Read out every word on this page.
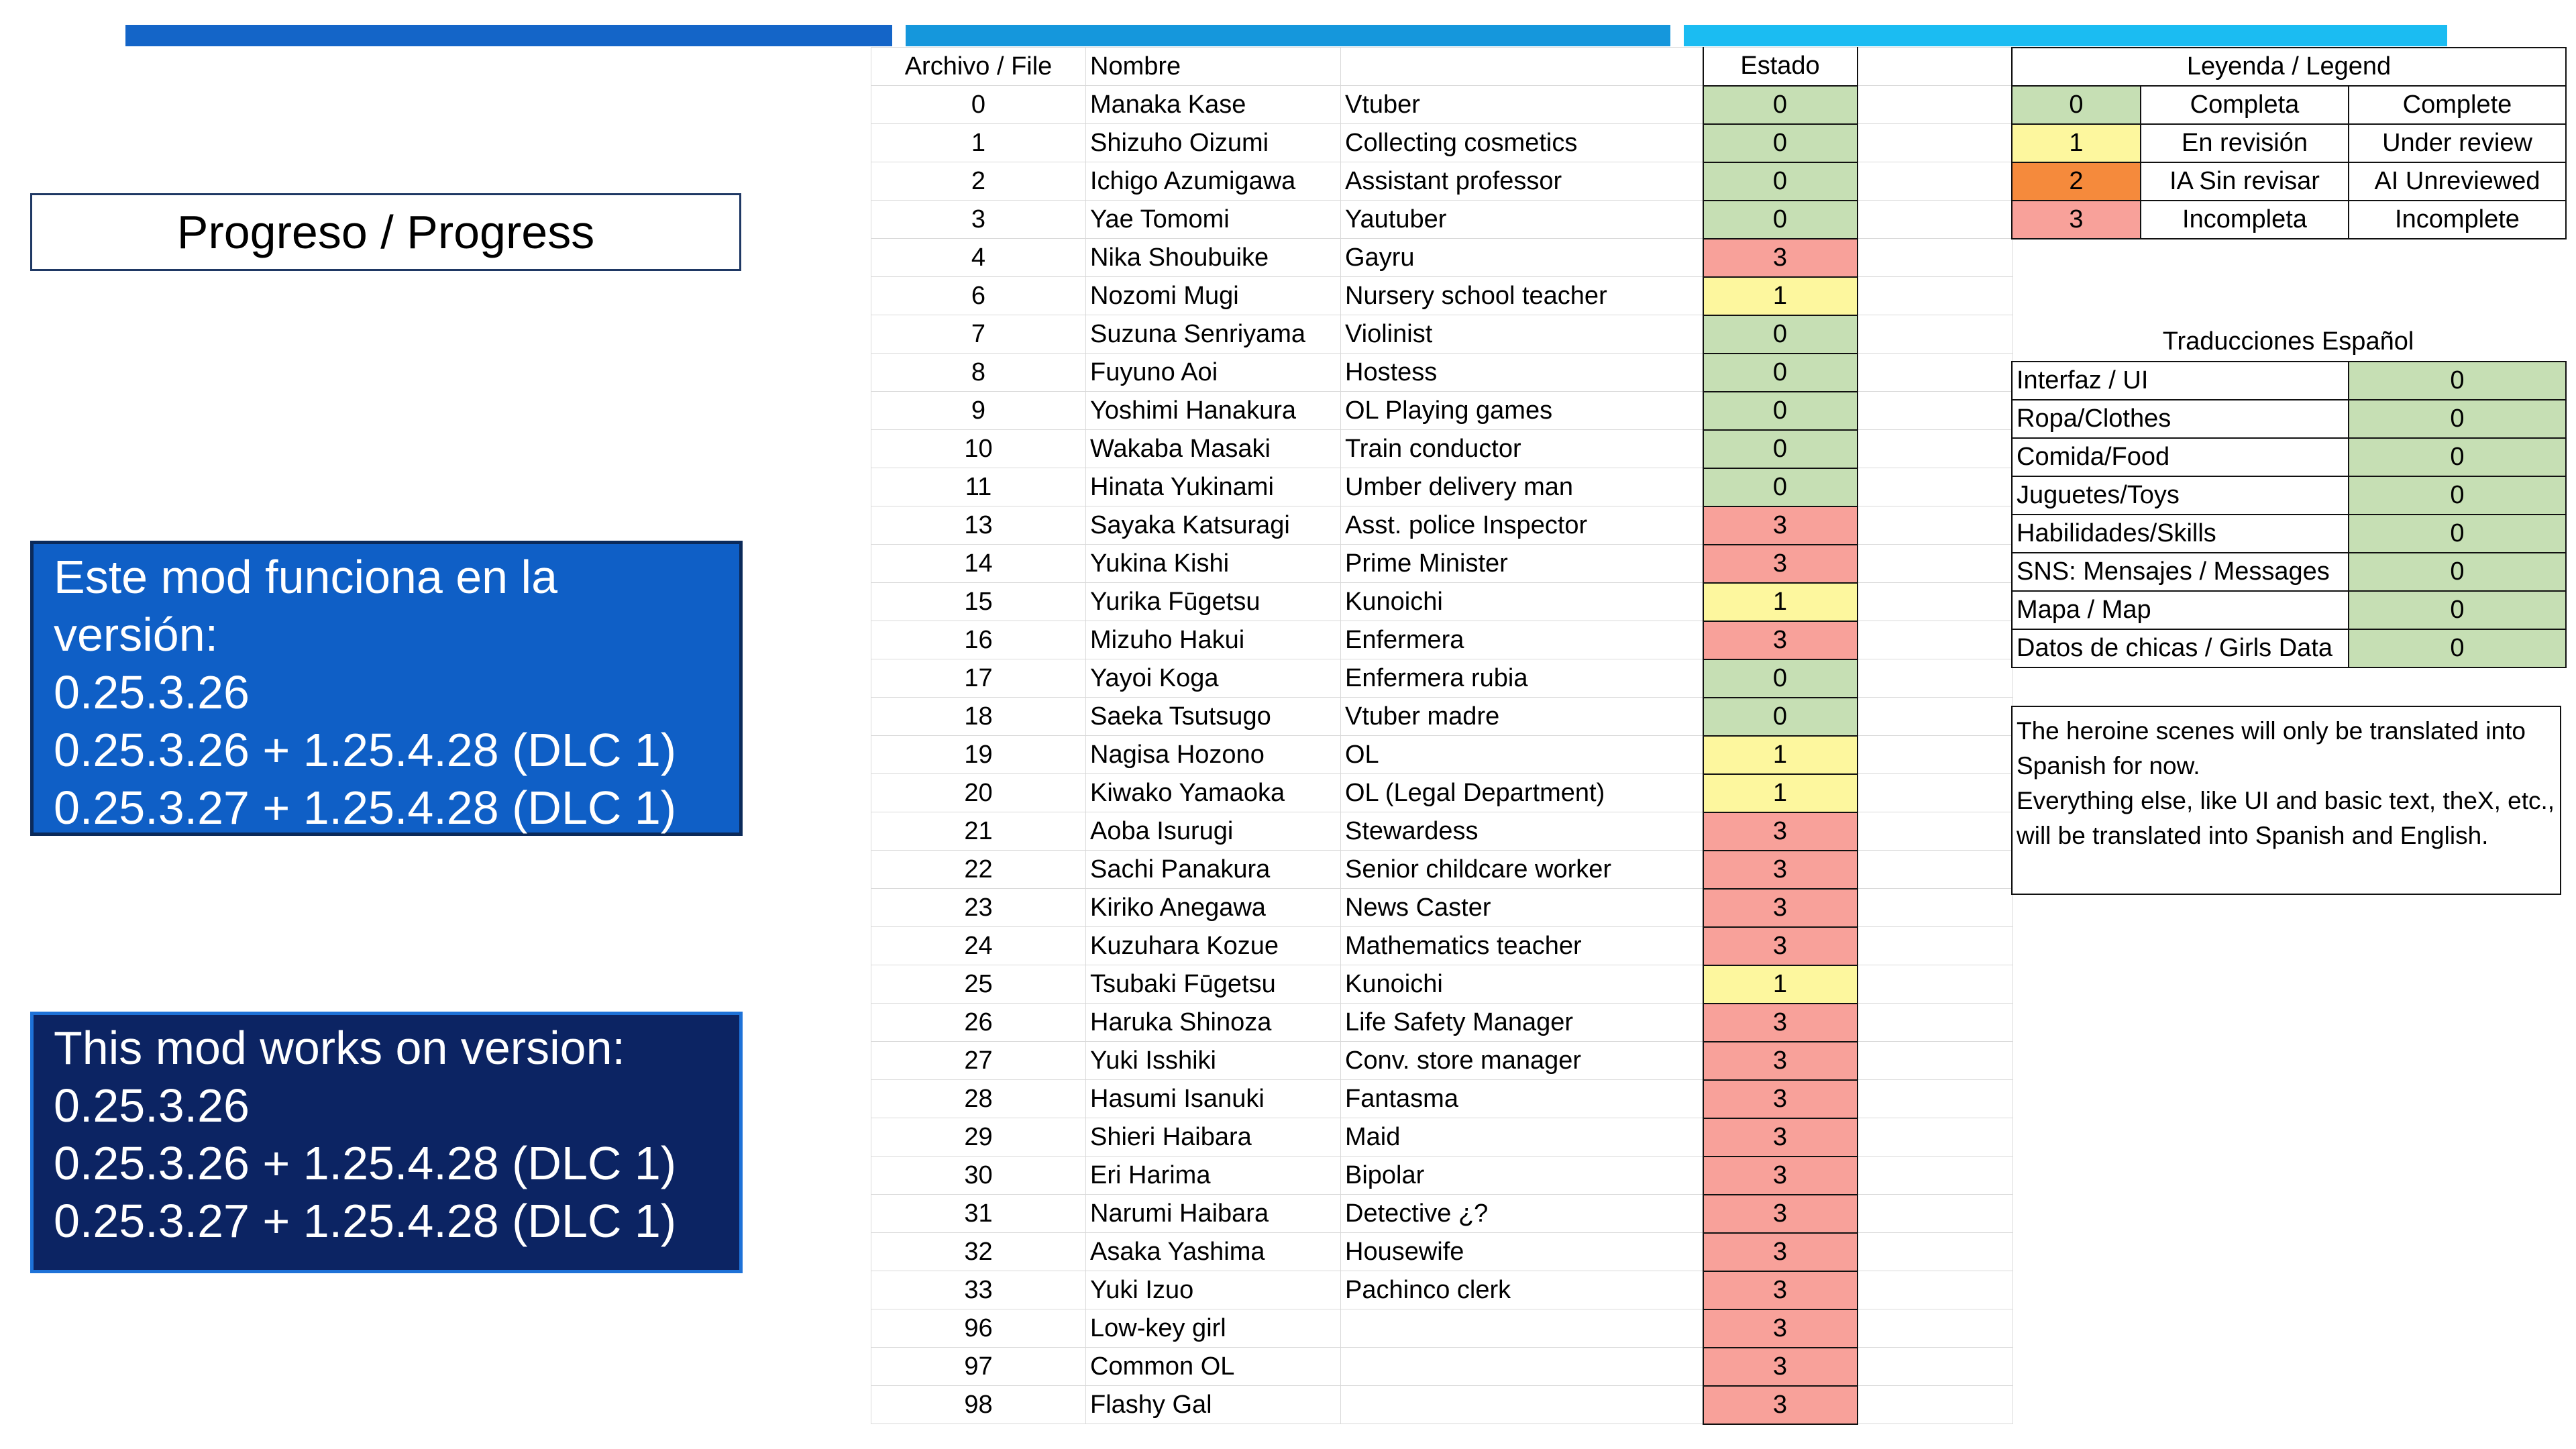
Progreso / Progress
Este mod funciona en la
versión:
0.25.3.26
0.25.3.26 + 1.25.4.28 (DLC 1)
0.25.3.27 + 1.25.4.28 (DLC 1)
This mod works on version:
0.25.3.26
0.25.3.26 + 1.25.4.28 (DLC 1)
0.25.3.27 + 1.25.4.28 (DLC 1)
Archivo / File	Nombre		Estado	
0	Manaka Kase	Vtuber	0	
1	Shizuho Oizumi	Collecting cosmetics	0	
2	Ichigo Azumigawa	Assistant professor	0	
3	Yae Tomomi	Yautuber	0	
4	Nika Shoubuike	Gayru	3	
6	Nozomi Mugi	Nursery school teacher	1	
7	Suzuna Senriyama	Violinist	0	
8	Fuyuno Aoi	Hostess	0	
9	Yoshimi Hanakura	OL Playing games	0	
10	Wakaba Masaki	Train conductor	0	
11	Hinata Yukinami	Umber delivery man	0	
13	Sayaka Katsuragi	Asst. police Inspector	3	
14	Yukina Kishi	Prime Minister	3	
15	Yurika Fūgetsu	Kunoichi	1	
16	Mizuho Hakui	Enfermera	3	
17	Yayoi Koga	Enfermera rubia	0	
18	Saeka Tsutsugo	Vtuber madre	0	
19	Nagisa Hozono	OL	1	
20	Kiwako Yamaoka	OL (Legal Department)	1	
21	Aoba Isurugi	Stewardess	3	
22	Sachi Panakura	Senior childcare worker	3	
23	Kiriko Anegawa	News Caster	3	
24	Kuzuhara Kozue	Mathematics teacher	3	
25	Tsubaki Fūgetsu	Kunoichi	1	
26	Haruka Shinoza	Life Safety Manager	3	
27	Yuki Isshiki	Conv. store manager	3	
28	Hasumi Isanuki	Fantasma	3	
29	Shieri Haibara	Maid	3	
30	Eri Harima	Bipolar	3	
31	Narumi Haibara	Detective ¿?	3	
32	Asaka Yashima	Housewife	3	
33	Yuki Izuo	Pachinco clerk	3	
96	Low-key girl		3	
97	Common OL		3	
98	Flashy Gal		3	
Leyenda / Legend		
0	Completa	Complete
1	En revisión	Under review
2	IA Sin revisar	AI Unreviewed
3	Incompleta	Incomplete
Traducciones Español
Interfaz / UI	0
Ropa/Clothes	0
Comida/Food	0
Juguetes/Toys	0
Habilidades/Skills	0
SNS: Mensajes / Messages	0
Mapa / Map	0
Datos de chicas / Girls Data	0
The heroine scenes will only be translated into Spanish for now.
Everything else, like UI and basic text, theX, etc., will be translated into Spanish and English.
